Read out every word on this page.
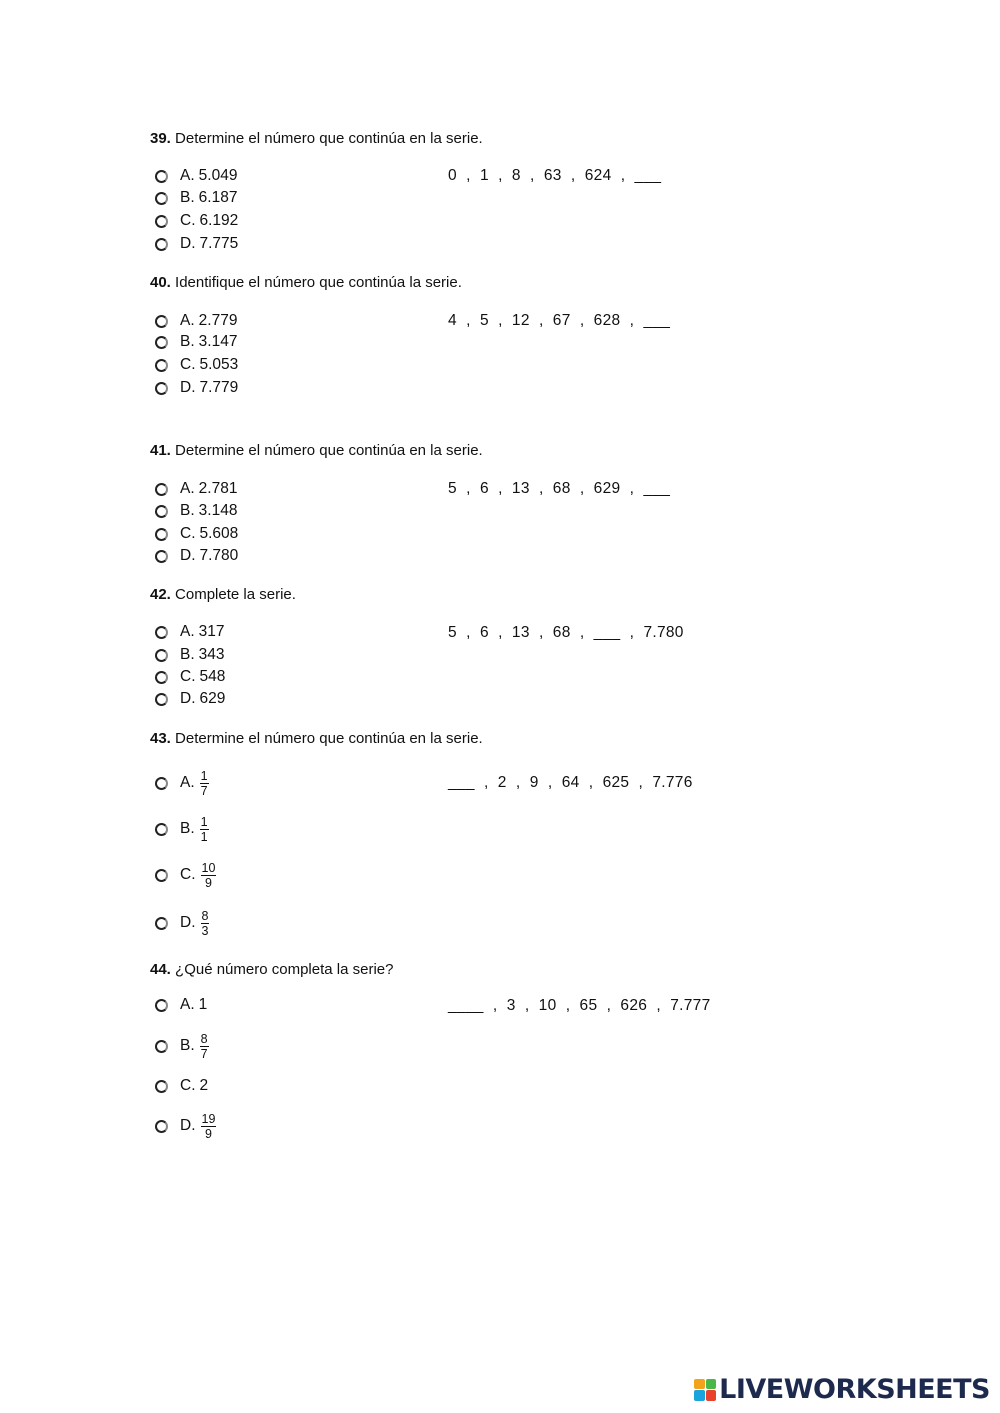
39. Determine el número que continúa en la serie.
0  ,  1  ,  8  ,  63  ,  624  ,  ___
A. 5.049
B. 6.187
C. 6.192
D. 7.775
40. Identifique el número que continúa la serie.
4  ,  5  ,  12  ,  67  ,  628  ,  ___
A. 2.779
B. 3.147
C. 5.053
D. 7.779
41. Determine el número que continúa en la serie.
5  ,  6  ,  13  ,  68  ,  629  ,  ___
A. 2.781
B. 3.148
C. 5.608
D. 7.780
42. Complete la serie.
5  ,  6  ,  13  ,  68  ,  ___  ,  7.780
A. 317
B. 343
C. 548
D. 629
43. Determine el número que continúa en la serie.
___  ,  2  ,  9  ,  64  ,  625  ,  7.776
A. $\frac{1}{7}$
B. $\frac{1}{1}$
C. $\frac{10}{9}$
D. $\frac{8}{3}$
44. ¿Qué número completa la serie?
____  ,  3  ,  10  ,  65  ,  626  ,  7.777
A. 1
B. $\frac{8}{7}$
C. 2
D. $\frac{19}{9}$
LIVEWORKSHEETS
